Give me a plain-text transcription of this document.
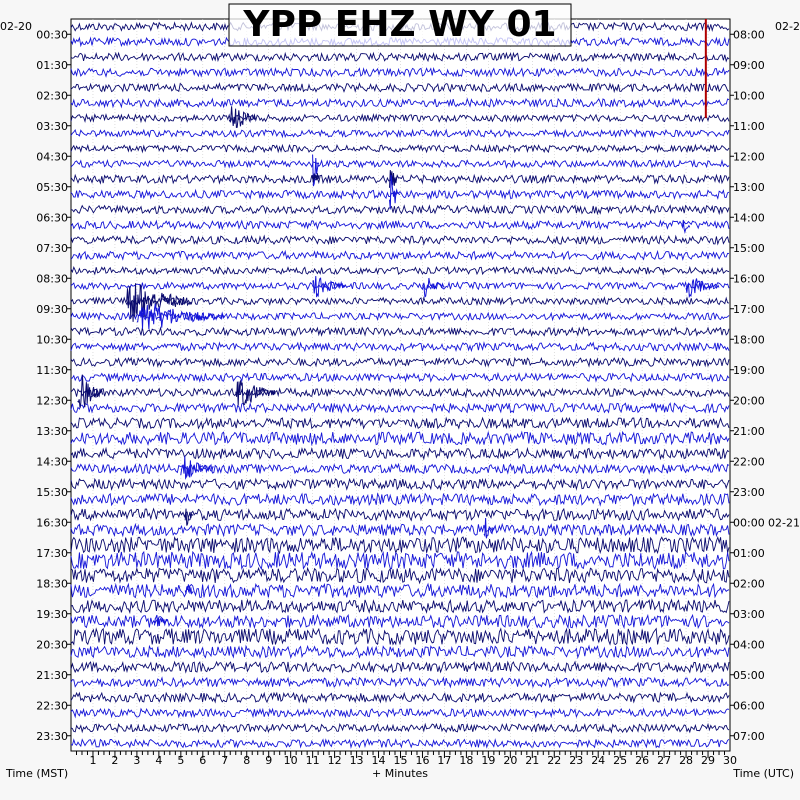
00:30
01:30
02:30
03:30
04:30
05:30
06:30
07:30
08:30
09:30
10:30
11:30
12:30
13:30
14:30
15:30
16:30
17:30
18:30
19:30
20:30
21:30
22:30
23:30
08:00
09:00
10:00
11:00
12:00
13:00
14:00
15:00
16:00
17:00
18:00
19:00
20:00
21:00
22:00
23:00
00:00 02-21
01:00
02:00
03:00
04:00
05:00
06:00
07:00
1 2 3 4 5 6 7 8 9 10 11 12 13 14 15 16 17 18 19 20 21 22 23 24 25 26 27 28 29 30
YPP EHZ WY 01
02-20	02-2
Time (MST)	+ Minutes	Time (UTC)
